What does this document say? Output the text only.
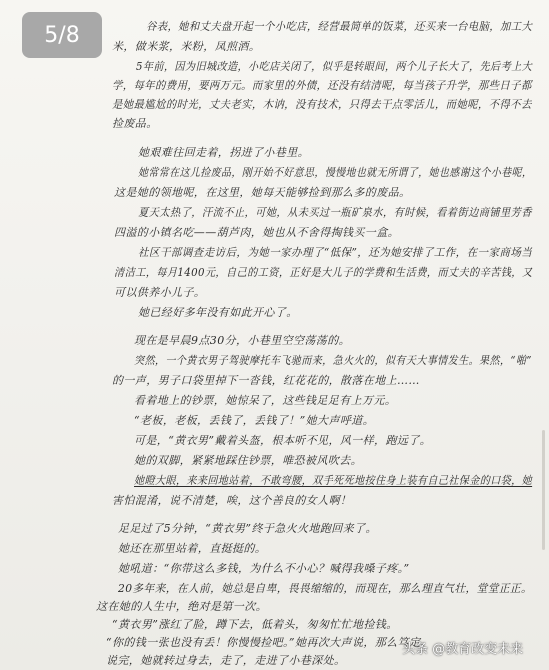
5/8	谷表，她和丈夫盘开起一个小吃店，经营最简单的饭菜，还买来一台电脑，加工大
米，做米浆，米粉，凤煎酒。
5年前，因为旧城改造，小吃店关闭了，似乎是转眼间，两个儿子长大了，先后考上大
学，每年的费用，要两万元。而家里的外债，还没有结清呢，每当孩子升学，那些日子都
是她最尴尬的时光，丈夫老实，木讷，没有技术，只得去干点零活儿，而她呢，不得不去
捡废品。
她艰难往回走着，拐进了小巷里。
她常常在这儿捡废品，刚开始不好意思，慢慢地也就无所谓了，她也感谢这个小巷呢，
这是她的领地呢，在这里，她每天能够捡到那么多的废品。
夏天太热了，汗流不止，可她，从未买过一瓶矿泉水，有时候，看着街边商铺里芳香
四溢的小镇名吃——葫芦肉，她也从不舍得掏钱买一盒。
社区干部调查走访后，为她一家办理了“低保”，还为她安排了工作，在一家商场当
清洁工，每月1400元，自己的工资，正好是大儿子的学费和生活费，而丈夫的辛苦钱，又
可以供养小儿子。
她已经好多年没有如此开心了。
现在是早晨9点30分，小巷里空空荡荡的。
突然，一个黄衣男子驾驶摩托车飞驰而来，急火火的，似有天大事情发生。果然，“啪”
的一声，男子口袋里掉下一沓钱，红花花的，散落在地上……
看着地上的钞票，她惊呆了，这些钱足足有上万元。
“老板，老板，丢钱了，丢钱了！”她大声呼道。
可是，“黄衣男”戴着头盔，根本听不见，风一样，跑远了。
她的双脚，紧紧地踩住钞票，唯恐被风吹去。
她瞪大眼，来来回地站着，不敢弯腰，双手死死地按住身上装有自己社保金的口袋，她
害怕混淆，说不清楚，唉，这个善良的女人啊！
足足过了5分钟，“黄衣男”终于急火火地跑回来了。
她还在那里站着，直挺挺的。
她吼道：“你带这么多钱，为什么不小心？喊得我嗓子疼。”
20多年来，在人前，她总是自卑，畏畏缩缩的，而现在，那么理直气壮，堂堂正正。
这在她的人生中，绝对是第一次。
“黄衣男”涨红了脸，蹲下去，低着头，匆匆忙忙地捡钱。
“你的钱一张也没有丢！你慢慢捡吧。”她再次大声说，那么笃定。
说完，她就转过身去，走了，走进了小巷深处。
头条 @教育改变未来
